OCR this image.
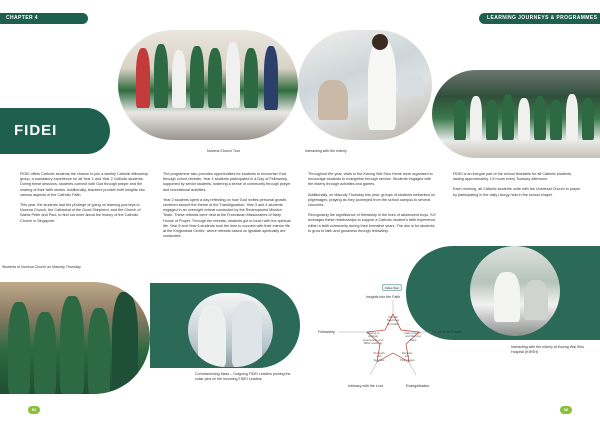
CHAPTER 4	LEARNING JOURNEYS & PROGRAMMES
Novena Church Tour	Interacting with the elderly
FIDEI

FIDEI offers Catholic students the chance to join a weekly Catholic fellowship group, a mandatory experience for all Year 1 and Year 2 Catholic students. During these sessions, students connect with God through prayer and the sharing of their faith stories. Additionally, teachers provide brief insights into various aspects of the Catholic Faith.

This year, the students had the privilege of going on learning journeys to Novena Church, the Cathedral of the Good Shepherd, and the Church of Saints Peter and Paul, to find out more about the history of the Catholic Church in Singapore.

The programme also provides opportunities for students to encounter God through cohort retreats. Year 1 students participated in a Day of Fellowship, supported by senior students, fostering a sense of community through prayer and recreational activities.

Year 2 students spent a day reflecting on how God invites personal growth, centered around the theme of the Transfiguration. Year 3 and 4 students engaged in an overnight retreat conducted by the Redemptorist Mission Team. These retreats were held at the Franciscan Missionaries of Mary House of Prayer. Through the retreats, students got in touch with the spiritual life. Year 5 and Year 6 students took the time to connect with their interior life at the Kingsmead Centre, where retreats based on Ignatian spirituality are conducted.

Throughout the year, visits to the Kwong Wai Shiu Home were organised to encourage students to evangelise through service. Students engaged with the elderly through activities and games.

Additionally, on Maundy Thursday this year, groups of students embarked on pilgrimages, praying as they journeyed from the school campus to several churches.

Recognising the significance of friendship in the lives of adolescent boys, SJI leverages these relationships to support a Catholic student's faith experience within a faith community during their formative years. The aim is for students to grow in faith and goodness through fellowship.

FIDEI is an integral part of the school timetable for all Catholic students, lasting approximately 1.5 hours every Tuesday afternoon.

Each morning, all Catholic students unite with the Universal Church in prayer by participating in the daily Liturgy held in the school chapel.

Students of Novena Church on Maundy Thursday
Commissioning Mass – Outgoing FIDEI Leaders pinning the collar pins on the incoming FIDEI Leaders
Fides Star
Insights into the Faith
Fellowship	Devotion to Prayer
Intimacy with the Lord	Evangelisation
Catholic Teachings and Mass
Sharing of spiritual experiences and Bible readings
Daily prayers, and Morning Mass
Outreach and Services
Retreats and Pilgrimages
Interacting with the elderly at Kwong Wai Shiu Hospital (KWSH)
91	92
